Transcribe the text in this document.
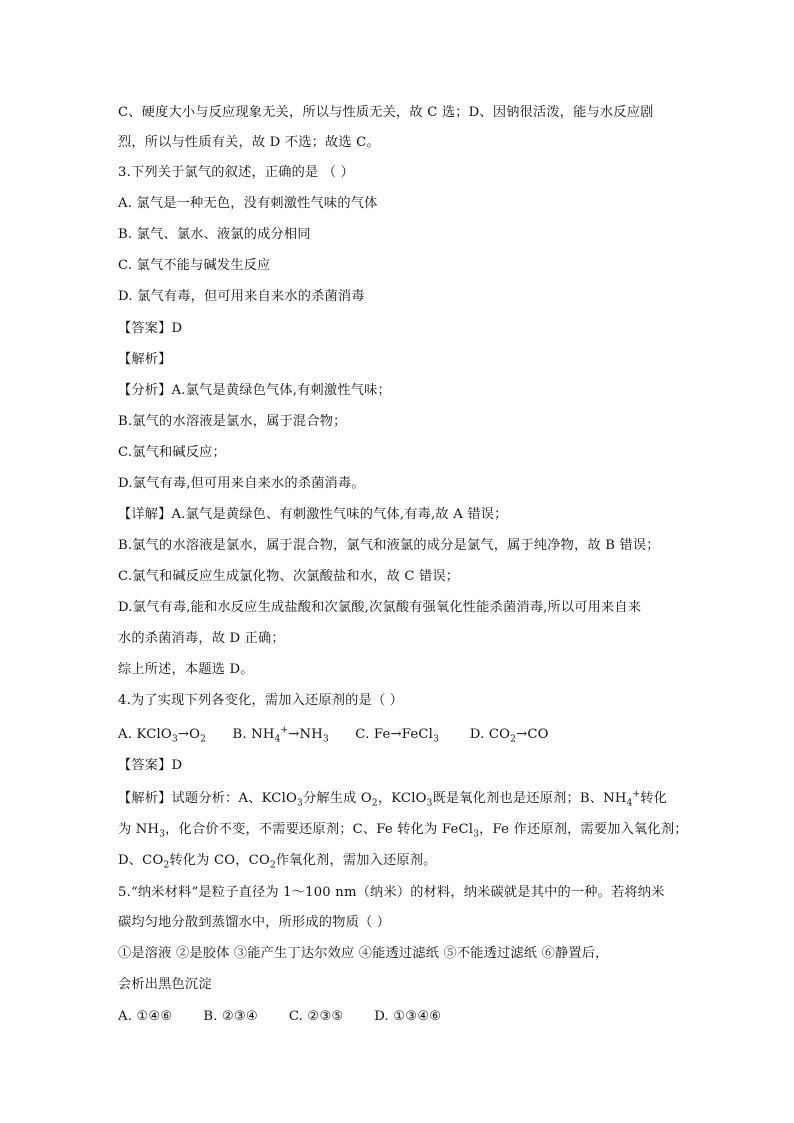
C、硬度大小与反应现象无关，所以与性质无关，故 C 选；D、因钠很活泼，能与水反应剧
烈，所以与性质有关，故 D 不选；故选 C。
3.下列关于氯气的叙述，正确的是 （ ）
A. 氯气是一种无色，没有刺激性气味的气体
B. 氯气、氯水、液氯的成分相同
C. 氯气不能与碱发生反应
D. 氯气有毒，但可用来自来水的杀菌消毒
【答案】D
【解析】
【分析】A.氯气是黄绿色气体,有刺激性气味；
B.氯气的水溶液是氯水，属于混合物；
C.氯气和碱反应；
D.氯气有毒,但可用来自来水的杀菌消毒。
【详解】A.氯气是黄绿色、有刺激性气味的气体,有毒,故 A 错误；
B.氯气的水溶液是氯水，属于混合物，氯气和液氯的成分是氯气，属于纯净物，故 B 错误；
C.氯气和碱反应生成氯化物、次氯酸盐和水，故 C 错误；
D.氯气有毒,能和水反应生成盐酸和次氯酸,次氯酸有强氧化性能杀菌消毒,所以可用来自来
水的杀菌消毒，故 D 正确；
综上所述，本题选 D。
4.为了实现下列各变化，需加入还原剂的是（ ）
A. $KClO_3\to O_2$ B. $NH_4^+\to NH_3$ C. Fe→FeCl$_3$ D. $CO_2\to CO$
【答案】D
【解析】试题分析：A、KClO$_3$分解生成 $O_2$，KClO$_3$既是氧化剂也是还原剂；B、$NH_4^+$转化
为 $NH_3$，化合价不变，不需要还原剂；C、Fe 转化为 FeCl$_3$，Fe 作还原剂，需要加入氧化剂；
D、$CO_2$转化为 CO，$CO_2$作氧化剂，需加入还原剂。
5.“纳米材料”是粒子直径为 1～100 nm（纳米）的材料，纳米碳就是其中的一种。若将纳米
碳均匀地分散到蒸馏水中，所形成的物质（ ）
①是溶液 ②是胶体 ③能产生丁达尔效应 ④能透过滤纸 ⑤不能透过滤纸 ⑥静置后，
会析出黑色沉淀
A. ①④⑥ B. ②③④ C. ②③⑤ D. ①③④⑥
